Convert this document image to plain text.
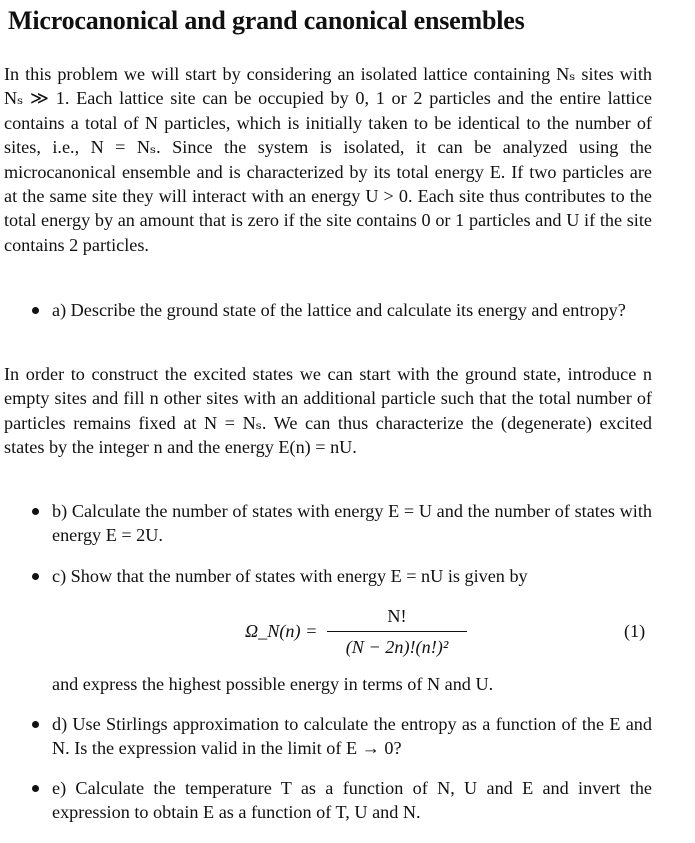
Microcanonical and grand canonical ensembles

In this problem we will start by considering an isolated lattice containing Nₛ sites with Nₛ ≫ 1. Each lattice site can be occupied by 0, 1 or 2 particles and the entire lattice contains a total of N particles, which is initially taken to be identical to the number of sites, i.e., N = Nₛ. Since the system is isolated, it can be analyzed using the microcanonical ensemble and is characterized by its total energy E. If two particles are at the same site they will interact with an energy U > 0. Each site thus contributes to the total energy by an amount that is zero if the site contains 0 or 1 particles and U if the site contains 2 particles.

a) Describe the ground state of the lattice and calculate its energy and entropy?

In order to construct the excited states we can start with the ground state, introduce n empty sites and fill n other sites with an additional particle such that the total number of particles remains fixed at N = Nₛ. We can thus characterize the (degenerate) excited states by the integer n and the energy E(n) = nU.

b) Calculate the number of states with energy E = U and the number of states with energy E = 2U.
c) Show that the number of states with energy E = nU is given by
d) Use Stirlings approximation to calculate the entropy as a function of the E and N. Is the expression valid in the limit of E → 0?
e) Calculate the temperature T as a function of N, U and E and invert the expression to obtain E as a function of T, U and N.
Ω_N(n) =
N!
(N − 2n)!(n!)²
(1)

and express the highest possible energy in terms of N and U.
